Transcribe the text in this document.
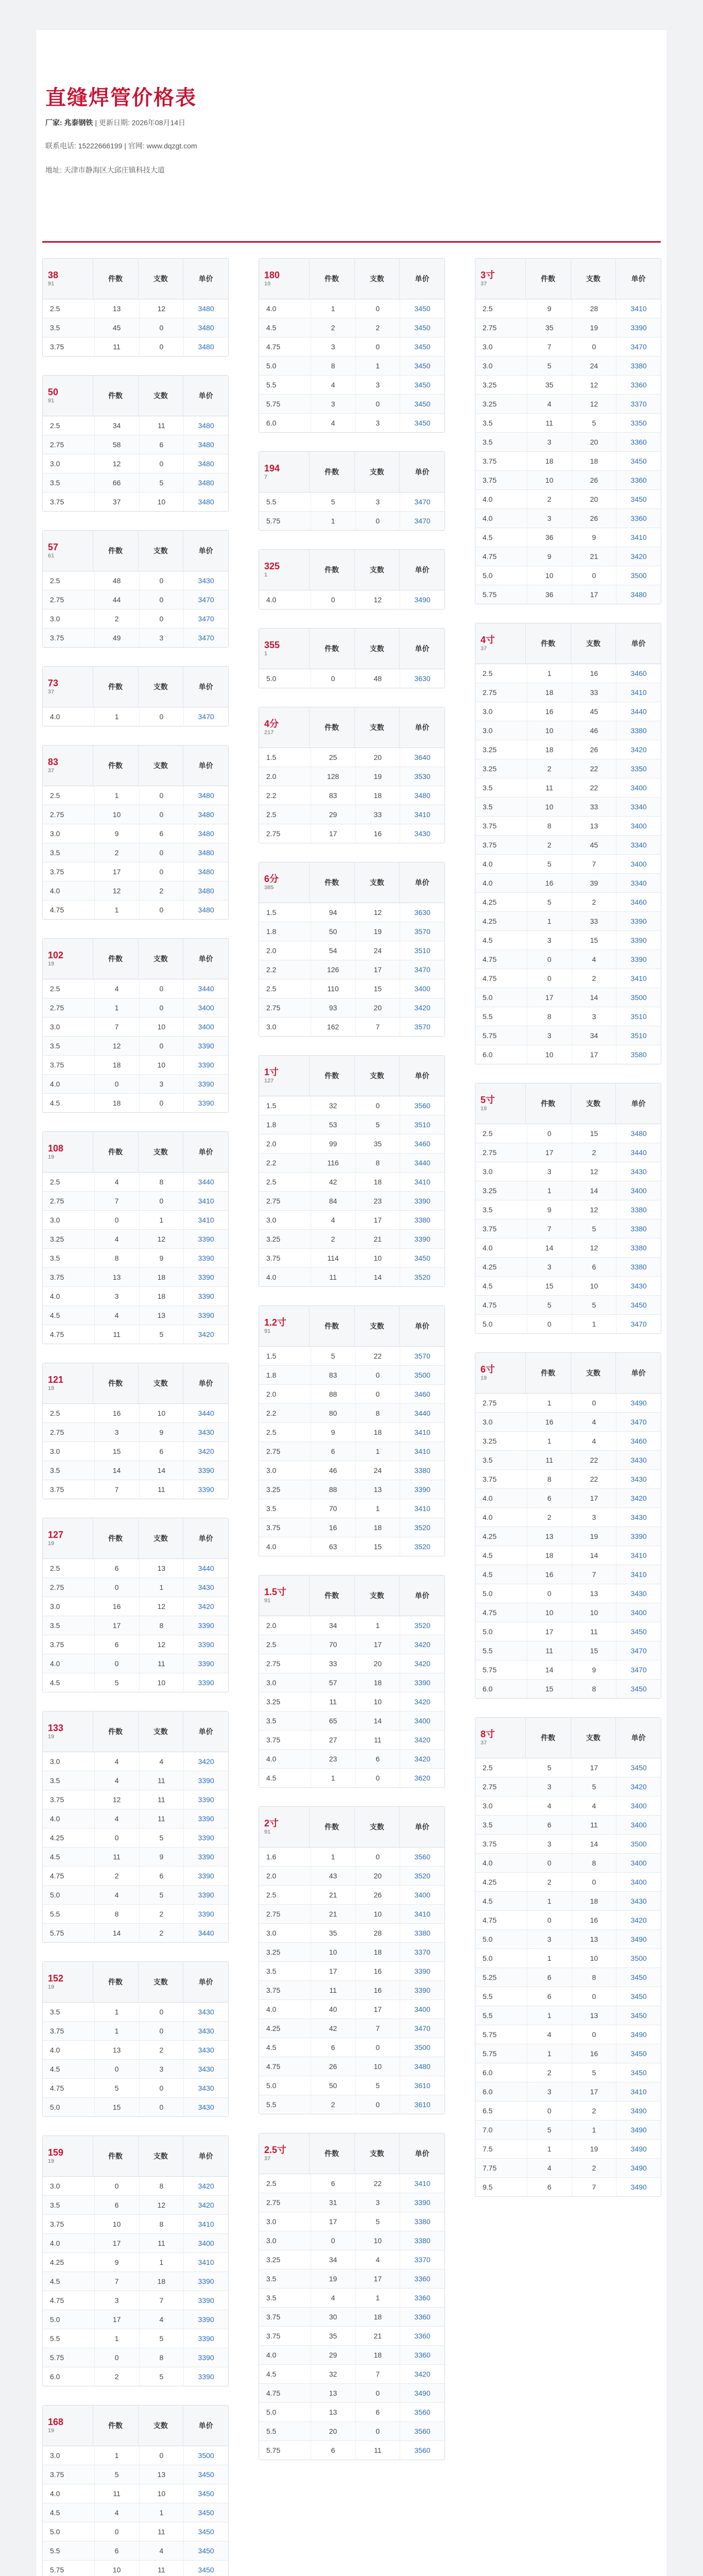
直缝焊管价格表
厂家: 兆泰钢铁 | 更新日期: 2026年08月14日
联系电话: 15222666199 | 官网: www.dqzgt.com
地址: 天津市静海区大邱庄镇科技大道
38
91
件数	支数	单价
2.5	13	12	3480
3.5	45	0	3480
3.75	11	0	3480
50
91
件数	支数	单价
2.5	34	11	3480
2.75	58	6	3480
3.0	12	0	3480
3.5	66	5	3480
3.75	37	10	3480
57
61
件数	支数	单价
2.5	48	0	3430
2.75	44	0	3470
3.0	2	0	3470
3.75	49	3	3470
73
37
件数	支数	单价
4.0	1	0	3470
83
37
件数	支数	单价
2.5	1	0	3480
2.75	10	0	3480
3.0	9	6	3480
3.5	2	0	3480
3.75	17	0	3480
4.0	12	2	3480
4.75	1	0	3480
102
19
件数	支数	单价
2.5	4	0	3440
2.75	1	0	3400
3.0	7	10	3400
3.5	12	0	3390
3.75	18	10	3390
4.0	0	3	3390
4.5	18	0	3390
108
19
件数	支数	单价
2.5	4	8	3440
2.75	7	0	3410
3.0	0	1	3410
3.25	4	12	3390
3.5	8	9	3390
3.75	13	18	3390
4.0	3	18	3390
4.5	4	13	3390
4.75	11	5	3420
121
19
件数	支数	单价
2.5	16	10	3440
2.75	3	9	3430
3.0	15	6	3420
3.5	14	14	3390
3.75	7	11	3390
127
19
件数	支数	单价
2.5	6	13	3440
2.75	0	1	3430
3.0	16	12	3420
3.5	17	8	3390
3.75	6	12	3390
4.0	0	11	3390
4.5	5	10	3390
133
19
件数	支数	单价
3.0	4	4	3420
3.5	4	11	3390
3.75	12	11	3390
4.0	4	11	3390
4.25	0	5	3390
4.5	11	9	3390
4.75	2	6	3390
5.0	4	5	3390
5.5	8	2	3390
5.75	14	2	3440
152
19
件数	支数	单价
3.5	1	0	3430
3.75	1	0	3430
4.0	13	2	3430
4.5	0	3	3430
4.75	5	0	3430
5.0	15	0	3430
159
19
件数	支数	单价
3.0	0	8	3420
3.5	6	12	3420
3.75	10	8	3410
4.0	17	11	3400
4.25	9	1	3410
4.5	7	18	3390
4.75	3	7	3390
5.0	17	4	3390
5.5	1	5	3390
5.75	0	8	3390
6.0	2	5	3390
168
19
件数	支数	单价
3.0	1	0	3500
3.75	5	13	3450
4.0	11	10	3450
4.5	4	1	3450
5.0	0	11	3450
5.5	6	4	3450
5.75	10	11	3450
180
10
件数	支数	单价
4.0	1	0	3450
4.5	2	2	3450
4.75	3	0	3450
5.0	8	1	3450
5.5	4	3	3450
5.75	3	0	3450
6.0	4	3	3450
194
7
件数	支数	单价
5.5	5	3	3470
5.75	1	0	3470
325
1
件数	支数	单价
4.0	0	12	3490
355
1
件数	支数	单价
5.0	0	48	3630
4分
217
件数	支数	单价
1.5	25	20	3640
2.0	128	19	3530
2.2	83	18	3480
2.5	29	33	3410
2.75	17	16	3430
6分
385
件数	支数	单价
1.5	94	12	3630
1.8	50	19	3570
2.0	54	24	3510
2.2	126	17	3470
2.5	110	15	3400
2.75	93	20	3420
3.0	162	7	3570
1寸
127
件数	支数	单价
1.5	32	0	3560
1.8	53	5	3510
2.0	99	35	3460
2.2	116	8	3440
2.5	42	18	3410
2.75	84	23	3390
3.0	4	17	3380
3.25	2	21	3390
3.75	114	10	3450
4.0	11	14	3520
1.2寸
91
件数	支数	单价
1.5	5	22	3570
1.8	83	0	3500
2.0	88	0	3460
2.2	80	8	3440
2.5	9	18	3410
2.75	6	1	3410
3.0	46	24	3380
3.25	88	13	3390
3.5	70	1	3410
3.75	16	18	3520
4.0	63	15	3520
1.5寸
91
件数	支数	单价
2.0	34	1	3520
2.5	70	17	3420
2.75	33	20	3420
3.0	57	18	3390
3.25	11	10	3420
3.5	65	14	3400
3.75	27	11	3420
4.0	23	6	3420
4.5	1	0	3620
2寸
91
件数	支数	单价
1.6	1	0	3560
2.0	43	20	3520
2.5	21	26	3400
2.75	21	10	3410
3.0	35	28	3380
3.25	10	18	3370
3.5	17	16	3390
3.75	11	16	3390
4.0	40	17	3400
4.25	42	7	3470
4.5	6	0	3500
4.75	26	10	3480
5.0	50	5	3610
5.5	2	0	3610
2.5寸
37
件数	支数	单价
2.5	6	22	3410
2.75	31	3	3390
3.0	17	5	3380
3.0	0	10	3380
3.25	34	4	3370
3.5	19	17	3360
3.5	4	1	3360
3.75	30	18	3360
3.75	35	21	3360
4.0	29	18	3360
4.5	32	7	3420
4.75	13	0	3490
5.0	13	6	3560
5.5	20	0	3560
5.75	6	11	3560
3寸
37
件数	支数	单价
2.5	9	28	3410
2.75	35	19	3390
3.0	7	0	3470
3.0	5	24	3380
3.25	35	12	3360
3.25	4	12	3370
3.5	11	5	3350
3.5	3	20	3360
3.75	18	18	3450
3.75	10	26	3360
4.0	2	20	3450
4.0	3	26	3360
4.5	36	9	3410
4.75	9	21	3420
5.0	10	0	3500
5.75	36	17	3480
4寸
37
件数	支数	单价
2.5	1	16	3460
2.75	18	33	3410
3.0	16	45	3440
3.0	10	46	3380
3.25	18	26	3420
3.25	2	22	3350
3.5	11	22	3400
3.5	10	33	3340
3.75	8	13	3400
3.75	2	45	3340
4.0	5	7	3400
4.0	16	39	3340
4.25	5	2	3460
4.25	1	33	3390
4.5	3	15	3390
4.75	0	4	3390
4.75	0	2	3410
5.0	17	14	3500
5.5	8	3	3510
5.75	3	34	3510
6.0	10	17	3580
5寸
19
件数	支数	单价
2.5	0	15	3480
2.75	17	2	3440
3.0	3	12	3430
3.25	1	14	3400
3.5	9	12	3380
3.75	7	5	3380
4.0	14	12	3380
4.25	3	6	3380
4.5	15	10	3430
4.75	5	5	3450
5.0	0	1	3470
6寸
19
件数	支数	单价
2.75	1	0	3490
3.0	16	4	3470
3.25	1	4	3460
3.5	11	22	3430
3.75	8	22	3430
4.0	6	17	3420
4.0	2	3	3430
4.25	13	19	3390
4.5	18	14	3410
4.5	16	7	3410
5.0	0	13	3430
4.75	10	10	3400
5.0	17	11	3450
5.5	11	15	3470
5.75	14	9	3470
6.0	15	8	3450
8寸
37
件数	支数	单价
2.5	5	17	3450
2.75	3	5	3420
3.0	4	4	3400
3.5	6	11	3400
3.75	3	14	3500
4.0	0	8	3400
4.25	2	0	3400
4.5	1	18	3430
4.75	0	16	3420
5.0	3	13	3490
5.0	1	10	3500
5.25	6	8	3450
5.5	6	0	3450
5.5	1	13	3450
5.75	4	0	3490
5.75	1	16	3450
6.0	2	5	3450
6.0	3	17	3410
6.5	0	2	3490
7.0	5	1	3490
7.5	1	19	3490
7.75	4	2	3490
9.5	6	7	3490
